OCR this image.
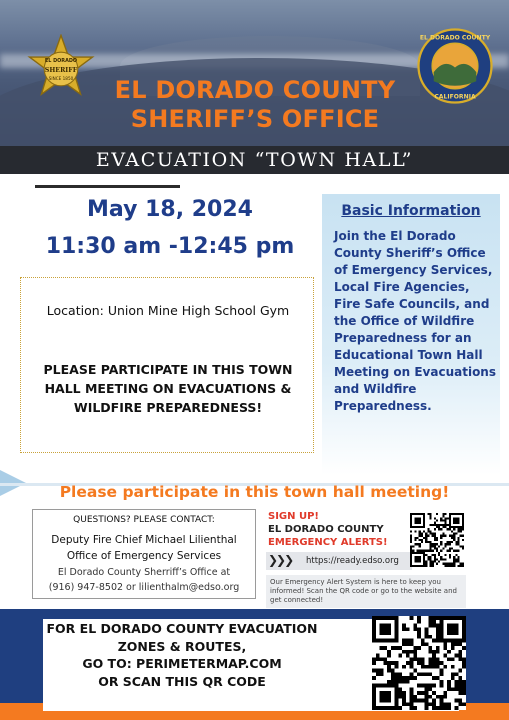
EL DORADO
SHERIFF
SINCE 1850
EL DORADO COUNTY
CALIFORNIA
EL DORADO COUNTY
SHERIFF’S OFFICE
EVACUATION “TOWN HALL”
May 18, 2024
11:30 am -12:45 pm
Location: Union Mine High School Gym
PLEASE PARTICIPATE IN THIS TOWN HALL MEETING ON EVACUATIONS & WILDFIRE PREPAREDNESS!
Basic Information
Join the El Dorado County Sheriff’s Office of Emergency Services, Local Fire Agencies, Fire Safe Councils, and the Office of Wildfire Preparedness for an Educational Town Hall Meeting on Evacuations and Wildfire Preparedness.
Please participate in this town hall meeting!
QUESTIONS? PLEASE CONTACT:
Deputy Fire Chief Michael Lilienthal
Office of Emergency Services
El Dorado County Sherriff’s Office at
(916) 947-8502 or lilienthalm@edso.org
SIGN UP!
EL DORADO COUNTY
EMERGENCY ALERTS!
❯❯❯ https://ready.edso.org
Our Emergency Alert System is here to keep you informed! Scan the QR code or go to the website and get connected!
FOR EL DORADO COUNTY EVACUATION
ZONES & ROUTES,
GO TO: PERIMETERMAP.COM
OR SCAN THIS QR CODE
